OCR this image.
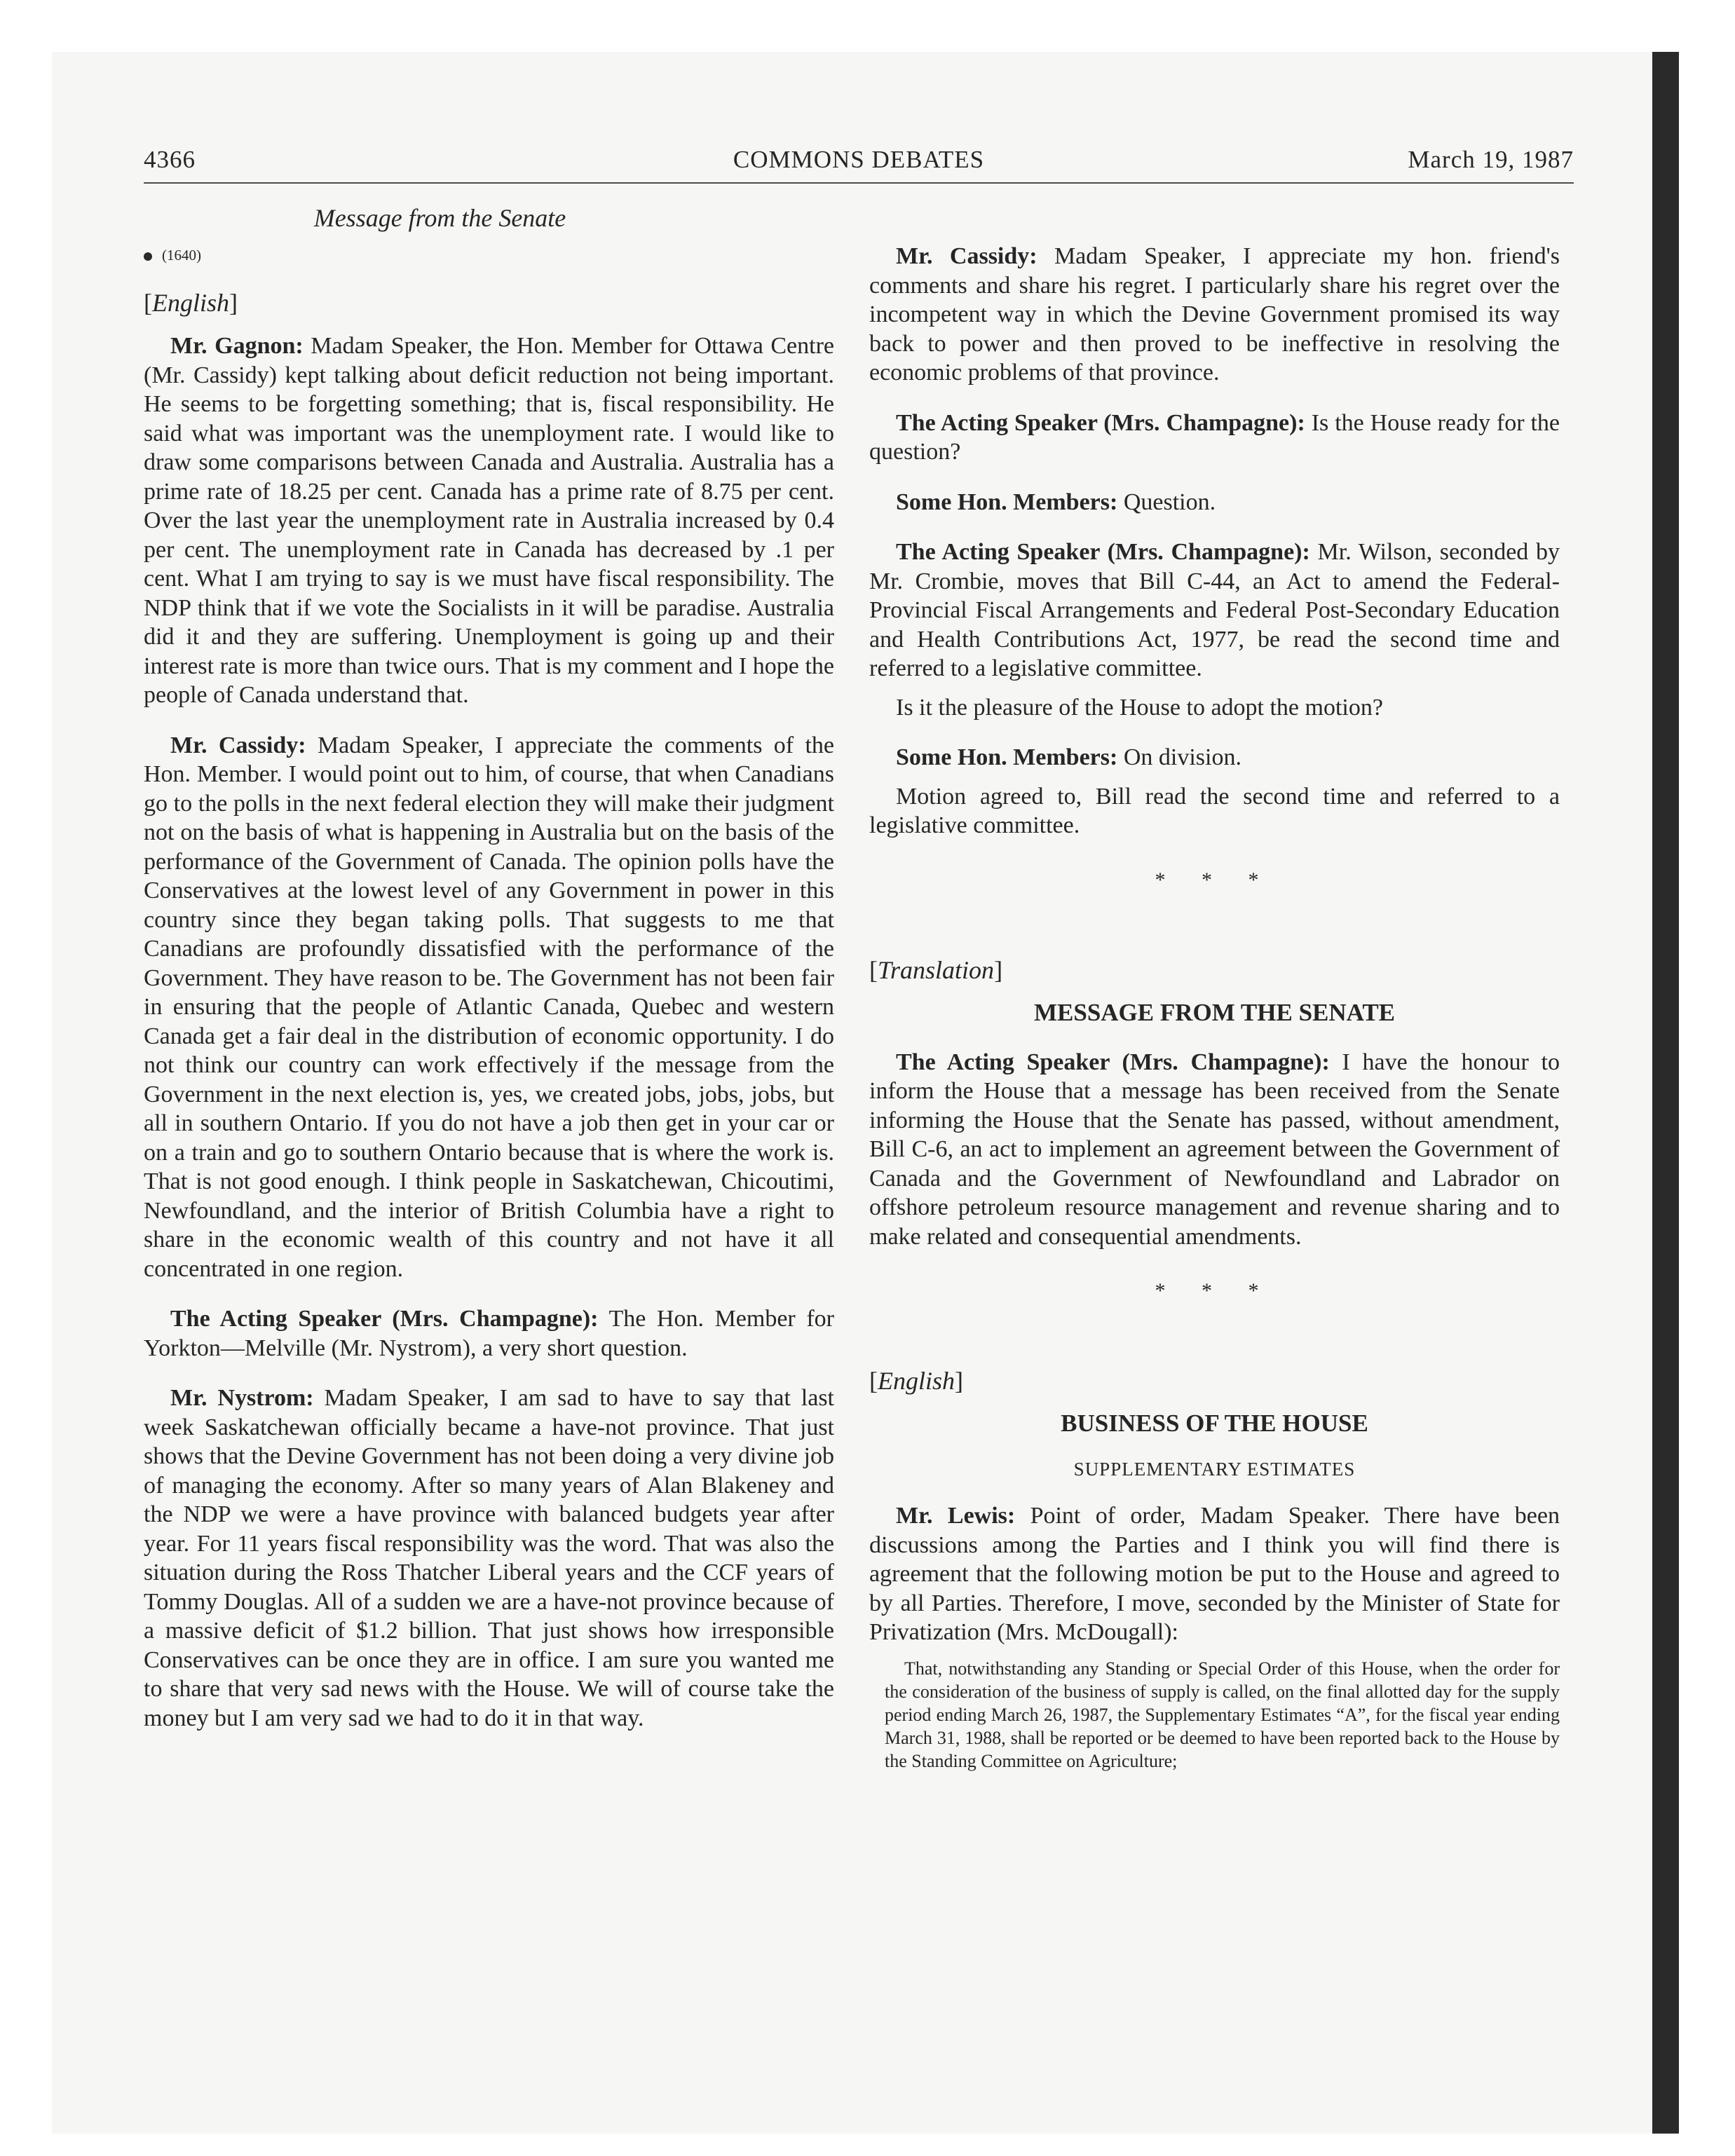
4366	COMMONS DEBATES	March 19, 1987
Message from the Senate
(1640)
[English]

Mr. Gagnon: Madam Speaker, the Hon. Member for Ottawa Centre (Mr. Cassidy) kept talking about deficit reduction not being important. He seems to be forgetting something; that is, fiscal responsibility. He said what was important was the unemployment rate. I would like to draw some comparisons between Canada and Australia. Australia has a prime rate of 18.25 per cent. Canada has a prime rate of 8.75 per cent. Over the last year the unemployment rate in Australia increased by 0.4 per cent. The unemployment rate in Canada has decreased by .1 per cent. What I am trying to say is we must have fiscal responsibility. The NDP think that if we vote the Socialists in it will be paradise. Australia did it and they are suffering. Unemployment is going up and their interest rate is more than twice ours. That is my comment and I hope the people of Canada understand that.

Mr. Cassidy: Madam Speaker, I appreciate the comments of the Hon. Member. I would point out to him, of course, that when Canadians go to the polls in the next federal election they will make their judgment not on the basis of what is happening in Australia but on the basis of the performance of the Government of Canada. The opinion polls have the Conservatives at the lowest level of any Government in power in this country since they began taking polls. That suggests to me that Canadians are profoundly dissatisfied with the performance of the Government. They have reason to be. The Government has not been fair in ensuring that the people of Atlantic Canada, Quebec and western Canada get a fair deal in the distribution of economic opportunity. I do not think our country can work effectively if the message from the Government in the next election is, yes, we created jobs, jobs, jobs, but all in southern Ontario. If you do not have a job then get in your car or on a train and go to southern Ontario because that is where the work is. That is not good enough. I think people in Saskatchewan, Chicoutimi, Newfoundland, and the interior of British Columbia have a right to share in the economic wealth of this country and not have it all concentrated in one region.

The Acting Speaker (Mrs. Champagne): The Hon. Member for Yorkton—Melville (Mr. Nystrom), a very short question.

Mr. Nystrom: Madam Speaker, I am sad to have to say that last week Saskatchewan officially became a have-not province. That just shows that the Devine Government has not been doing a very divine job of managing the economy. After so many years of Alan Blakeney and the NDP we were a have province with balanced budgets year after year. For 11 years fiscal responsibility was the word. That was also the situation during the Ross Thatcher Liberal years and the CCF years of Tommy Douglas. All of a sudden we are a have-not province because of a massive deficit of $1.2 billion. That just shows how irresponsible Conservatives can be once they are in office. I am sure you wanted me to share that very sad news with the House. We will of course take the money but I am very sad we had to do it in that way.

Mr. Cassidy: Madam Speaker, I appreciate my hon. friend's comments and share his regret. I particularly share his regret over the incompetent way in which the Devine Government promised its way back to power and then proved to be ineffective in resolving the economic problems of that province.

The Acting Speaker (Mrs. Champagne): Is the House ready for the question?

Some Hon. Members: Question.

The Acting Speaker (Mrs. Champagne): Mr. Wilson, seconded by Mr. Crombie, moves that Bill C-44, an Act to amend the Federal-Provincial Fiscal Arrangements and Federal Post-Secondary Education and Health Contributions Act, 1977, be read the second time and referred to a legislative committee.

Is it the pleasure of the House to adopt the motion?

Some Hon. Members: On division.

Motion agreed to, Bill read the second time and referred to a legislative committee.

* * *
[Translation]
MESSAGE FROM THE SENATE

The Acting Speaker (Mrs. Champagne): I have the honour to inform the House that a message has been received from the Senate informing the House that the Senate has passed, without amendment, Bill C-6, an act to implement an agreement between the Government of Canada and the Government of Newfoundland and Labrador on offshore petroleum resource management and revenue sharing and to make related and consequential amendments.

* * *
[English]
BUSINESS OF THE HOUSE
SUPPLEMENTARY ESTIMATES

Mr. Lewis: Point of order, Madam Speaker. There have been discussions among the Parties and I think you will find there is agreement that the following motion be put to the House and agreed to by all Parties. Therefore, I move, seconded by the Minister of State for Privatization (Mrs. McDougall):

That, notwithstanding any Standing or Special Order of this House, when the order for the consideration of the business of supply is called, on the final allotted day for the supply period ending March 26, 1987, the Supplementary Estimates “A”, for the fiscal year ending March 31, 1988, shall be reported or be deemed to have been reported back to the House by the Standing Committee on Agriculture;
